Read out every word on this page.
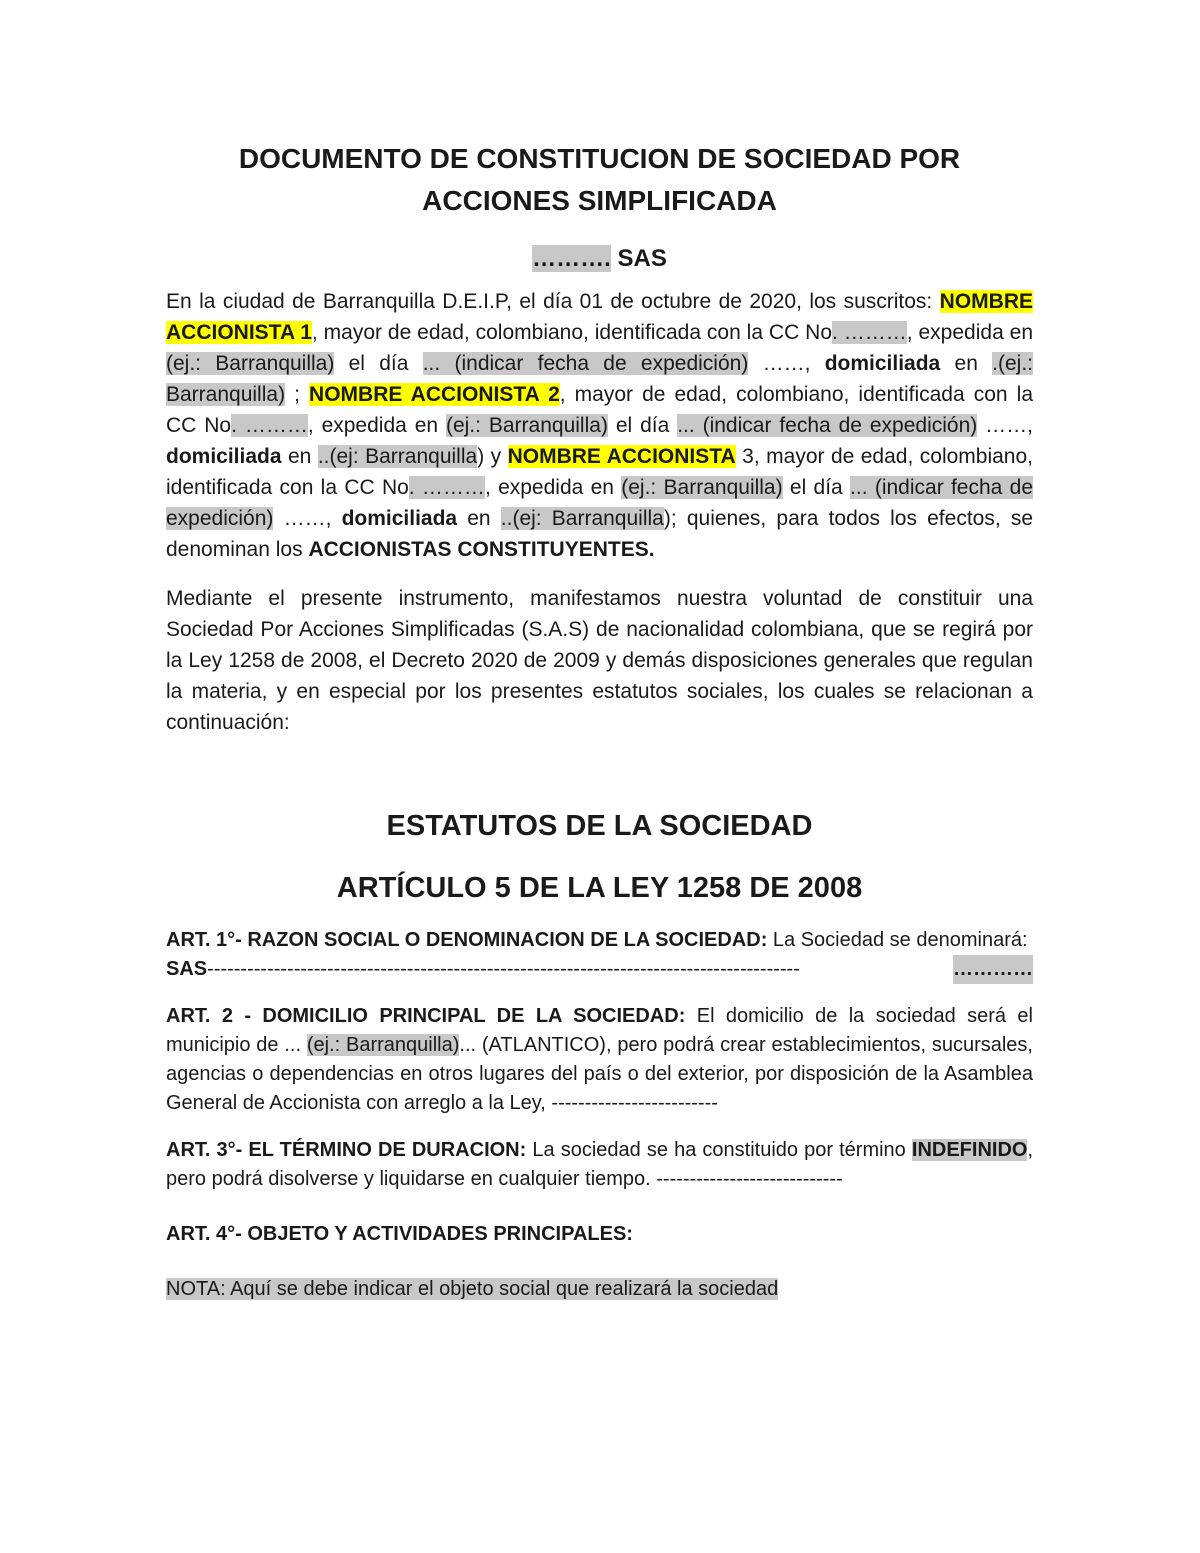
DOCUMENTO DE CONSTITUCION DE SOCIEDAD POR
ACCIONES SIMPLIFICADA
………. SAS

En la ciudad de Barranquilla D.E.I.P, el día 01 de octubre de 2020, los suscritos: NOMBRE ACCIONISTA 1, mayor de edad, colombiano, identificada con la CC No. ………, expedida en (ej.: Barranquilla) el día ... (indicar fecha de expedición) ……, domiciliada en .(ej.: Barranquilla) ; NOMBRE ACCIONISTA 2, mayor de edad, colombiano, identificada con la CC No. ………, expedida en (ej.: Barranquilla) el día ... (indicar fecha de expedición) ……, domiciliada en ..(ej: Barranquilla) y NOMBRE ACCIONISTA 3, mayor de edad, colombiano, identificada con la CC No. ………, expedida en (ej.: Barranquilla) el día ... (indicar fecha de expedición) ……, domiciliada en ..(ej: Barranquilla); quienes, para todos los efectos, se denominan los ACCIONISTAS CONSTITUYENTES.

Mediante el presente instrumento, manifestamos nuestra voluntad de constituir una Sociedad Por Acciones Simplificadas (S.A.S) de nacionalidad colombiana, que se regirá por la Ley 1258 de 2008, el Decreto 2020 de 2009 y demás disposiciones generales que regulan la materia, y en especial por los presentes estatutos sociales, los cuales se relacionan a continuación:

ESTATUTOS DE LA SOCIEDAD
ARTÍCULO 5 DE LA LEY 1258 DE 2008

ART. 1°- RAZON SOCIAL O DENOMINACION DE LA SOCIEDAD: La Sociedad se denominará:
…………

SAS-----------------------------------------------------------------------------------------

ART. 2 - DOMICILIO PRINCIPAL DE LA SOCIEDAD: El domicilio de la sociedad será el municipio de ... (ej.: Barranquilla)... (ATLANTICO), pero podrá crear establecimientos, sucursales, agencias o dependencias en otros lugares del país o del exterior, por disposición de la Asamblea General de Accionista con arreglo a la Ley, -------------------------

ART. 3°- EL TÉRMINO DE DURACION: La sociedad se ha constituido por término INDEFINIDO, pero podrá disolverse y liquidarse en cualquier tiempo. ----------------------------

ART. 4°- OBJETO Y ACTIVIDADES PRINCIPALES:

NOTA: Aquí se debe indicar el objeto social que realizará la sociedad
